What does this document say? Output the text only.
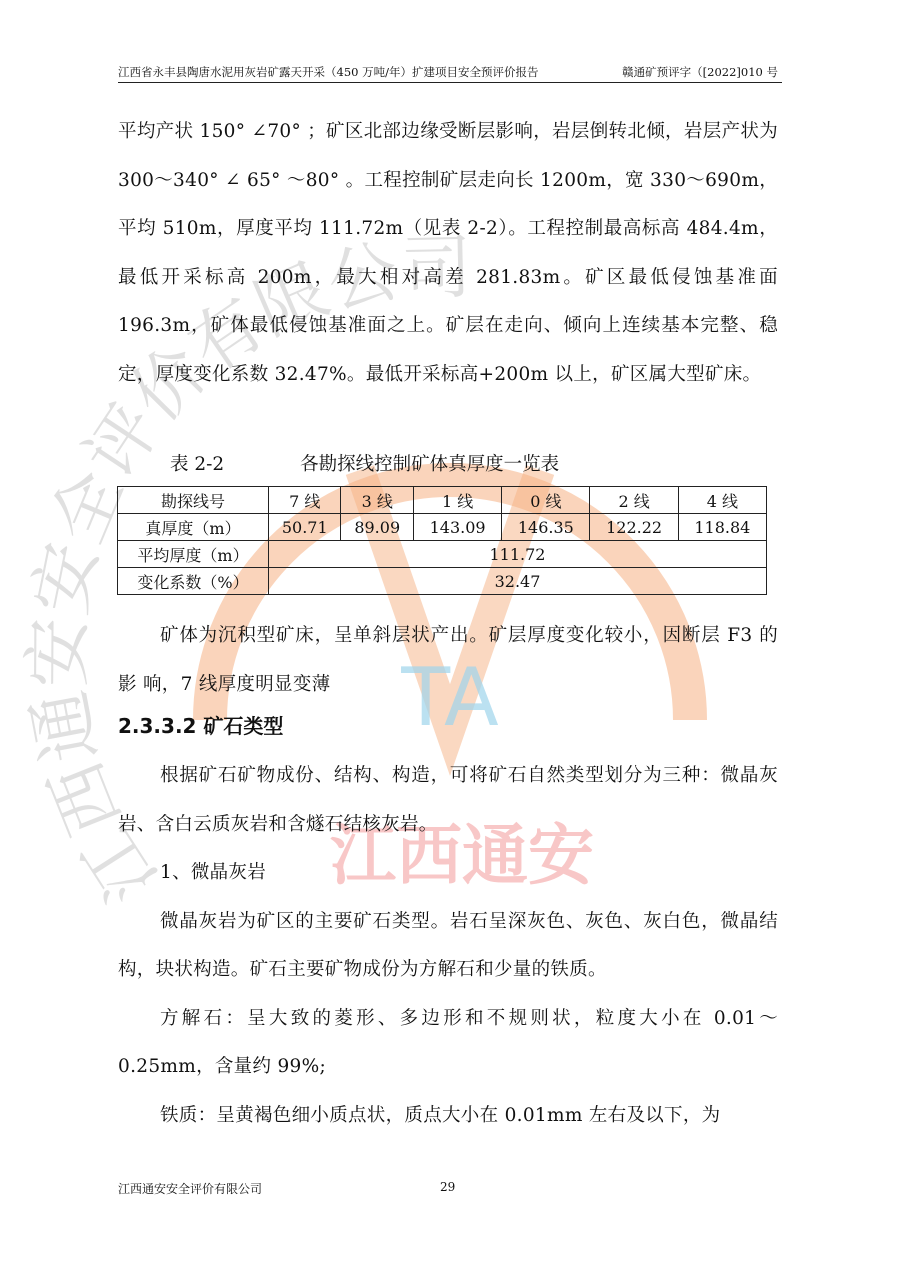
TA
江西通安
江西通安安全评价有限公司
江西省永丰县陶唐水泥用灰岩矿露天开采（450 万吨/年）扩建项目安全预评价报告	赣通矿预评字（[2022]010 号

平均产状 150° ∠70° ；矿区北部边缘受断层影响，岩层倒转北倾，岩层产状为 300～340° ∠ 65° ～80° 。工程控制矿层走向长 1200m，宽 330～690m，平均 510m，厚度平均 111.72m（见表 2-2）。工程控制最高标高 484.4m，最低开采标高 200m，最大相对高差 281.83m。矿区最低侵蚀基准面 196.3m，矿体最低侵蚀基准面之上。矿层在走向、倾向上连续基本完整、稳定，厚度变化系数 32.47%。最低开采标高+200m 以上，矿区属大型矿床。

表 2-2	各勘探线控制矿体真厚度一览表
勘探线号	7 线	3 线	1 线	0 线	2 线	4 线
真厚度（m）	50.71	89.09	143.09	146.35	122.22	118.84
平均厚度（m）	111.72					
变化系数（%）	32.47					

矿体为沉积型矿床，呈单斜层状产出。矿层厚度变化较小，因断层 F3 的影 响，7 线厚度明显变薄

2.3.3.2 矿石类型

根据矿石矿物成份、结构、构造，可将矿石自然类型划分为三种：微晶灰 岩、含白云质灰岩和含燧石结核灰岩。

1、微晶灰岩

微晶灰岩为矿区的主要矿石类型。岩石呈深灰色、灰色、灰白色，微晶结 构，块状构造。矿石主要矿物成份为方解石和少量的铁质。

方解石：呈大致的菱形、多边形和不规则状，粒度大小在 0.01～0.25mm，含量约 99%;

铁质：呈黄褐色细小质点状，质点大小在 0.01mm 左右及以下，为

江西通安安全评价有限公司	29
